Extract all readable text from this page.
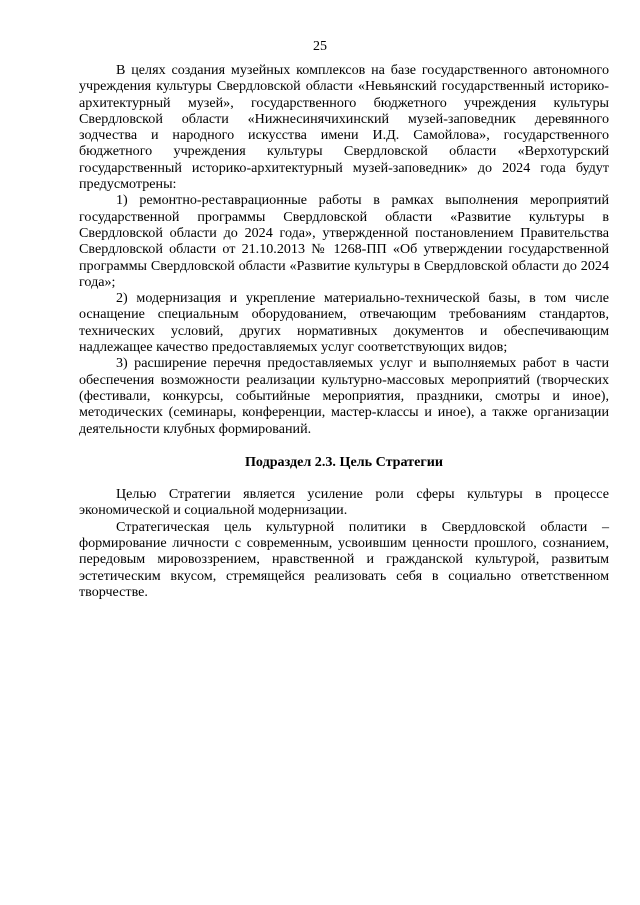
25

В целях создания музейных комплексов на базе государственного автономного учреждения культуры Свердловской области «Невьянский государственный историко-архитектурный музей», государственного бюджетного учреждения культуры Свердловской области «Нижнесинячихинский музей-заповедник деревянного зодчества и народного искусства имени И.Д. Самойлова», государственного бюджетного учреждения культуры Свердловской области «Верхотурский государственный историко-архитектурный музей-заповедник» до 2024 года будут предусмотрены:

1) ремонтно-реставрационные работы в рамках выполнения мероприятий государственной программы Свердловской области «Развитие культуры в Свердловской области до 2024 года», утвержденной постановлением Правительства Свердловской области от 21.10.2013 № 1268-ПП «Об утверждении государственной программы Свердловской области «Развитие культуры в Свердловской области до 2024 года»;

2) модернизация и укрепление материально-технической базы, в том числе оснащение специальным оборудованием, отвечающим требованиям стандартов, технических условий, других нормативных документов и обеспечивающим надлежащее качество предоставляемых услуг соответствующих видов;

3) расширение перечня предоставляемых услуг и выполняемых работ в части обеспечения возможности реализации культурно-массовых мероприятий (творческих (фестивали, конкурсы, событийные мероприятия, праздники, смотры и иное), методических (семинары, конференции, мастер-классы и иное), а также организации деятельности клубных формирований.

Подраздел 2.3. Цель Стратегии

Целью Стратегии является усиление роли сферы культуры в процессе экономической и социальной модернизации.

Стратегическая цель культурной политики в Свердловской области – формирование личности с современным, усвоившим ценности прошлого, сознанием, передовым мировоззрением, нравственной и гражданской культурой, развитым эстетическим вкусом, стремящейся реализовать себя в социально ответственном творчестве.
